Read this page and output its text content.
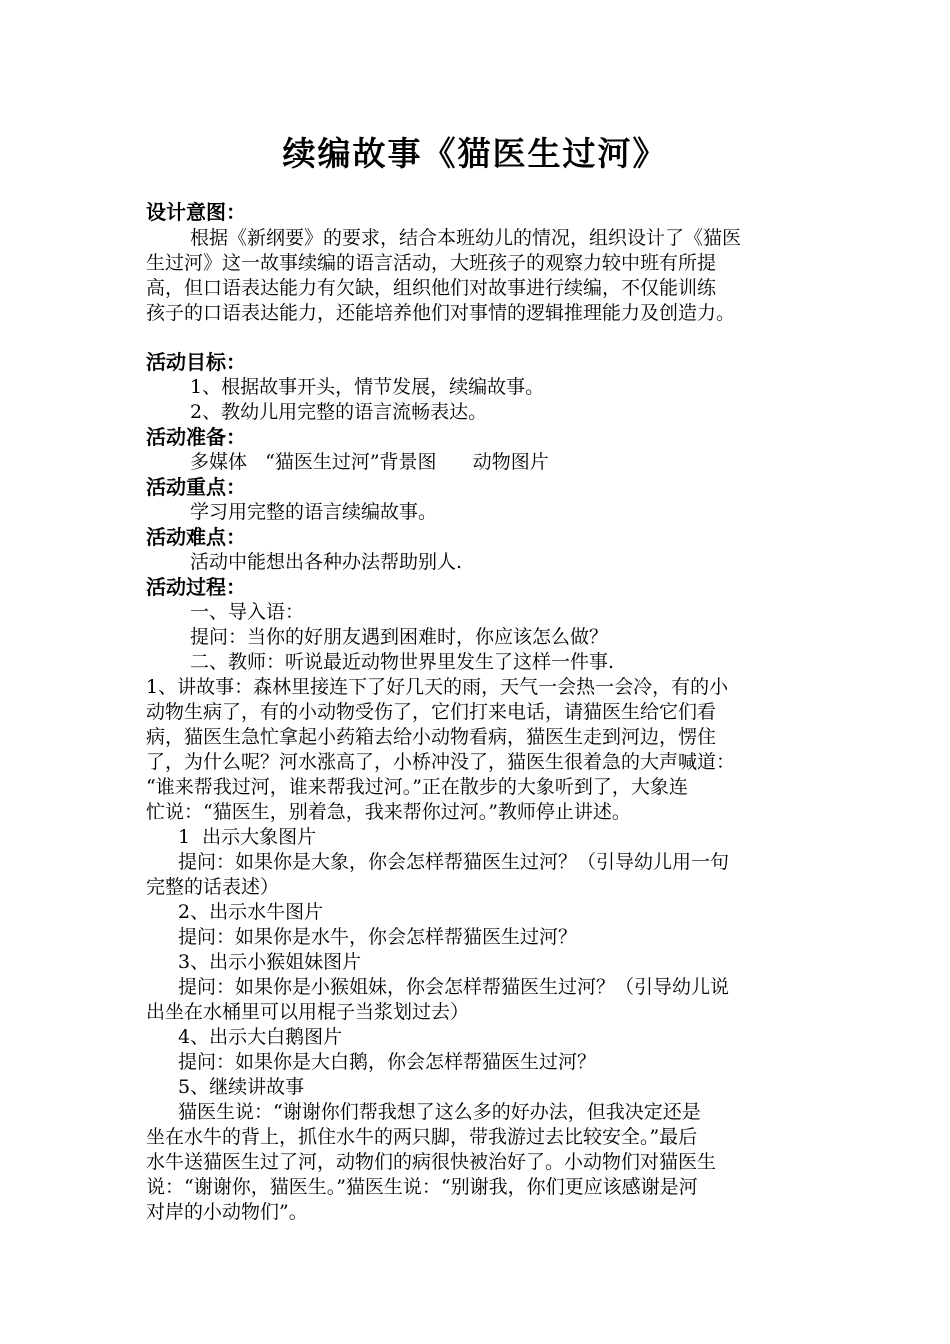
续编故事《猫医生过河》
设计意图：
根据《新纲要》的要求，结合本班幼儿的情况，组织设计了《猫医
生过河》这一故事续编的语言活动，大班孩子的观察力较中班有所提
高，但口语表达能力有欠缺，组织他们对故事进行续编，不仅能训练
孩子的口语表达能力，还能培养他们对事情的逻辑推理能力及创造力。
活动目标：
1、根据故事开头，情节发展，续编故事。
2、教幼儿用完整的语言流畅表达。
活动准备：
多媒体   “猫医生过河”背景图      动物图片
活动重点：
学习用完整的语言续编故事。
活动难点：
活动中能想出各种办法帮助别人.
活动过程：
一、导入语：
提问：当你的好朋友遇到困难时，你应该怎么做？
二、教师：听说最近动物世界里发生了这样一件事.
1、讲故事：森林里接连下了好几天的雨，天气一会热一会冷，有的小
动物生病了，有的小动物受伤了，它们打来电话，请猫医生给它们看
病，猫医生急忙拿起小药箱去给小动物看病，猫医生走到河边，愣住
了，为什么呢？河水涨高了，小桥冲没了，猫医生很着急的大声喊道：
“谁来帮我过河，谁来帮我过河。”正在散步的大象听到了，大象连
忙说：“猫医生，别着急，我来帮你过河。”教师停止讲述。
1  出示大象图片
提问：如果你是大象，你会怎样帮猫医生过河？（引导幼儿用一句
完整的话表述）
2、出示水牛图片
提问：如果你是水牛，你会怎样帮猫医生过河？
3、出示小猴姐妹图片
提问：如果你是小猴姐妹，你会怎样帮猫医生过河？（引导幼儿说
出坐在水桶里可以用棍子当浆划过去）
4、出示大白鹅图片
提问：如果你是大白鹅，你会怎样帮猫医生过河？
5、继续讲故事
猫医生说：“谢谢你们帮我想了这么多的好办法，但我决定还是
坐在水牛的背上，抓住水牛的两只脚，带我游过去比较安全。”最后
水牛送猫医生过了河，动物们的病很快被治好了。小动物们对猫医生
说：“谢谢你，猫医生。”猫医生说：“别谢我，你们更应该感谢是河
对岸的小动物们”。
